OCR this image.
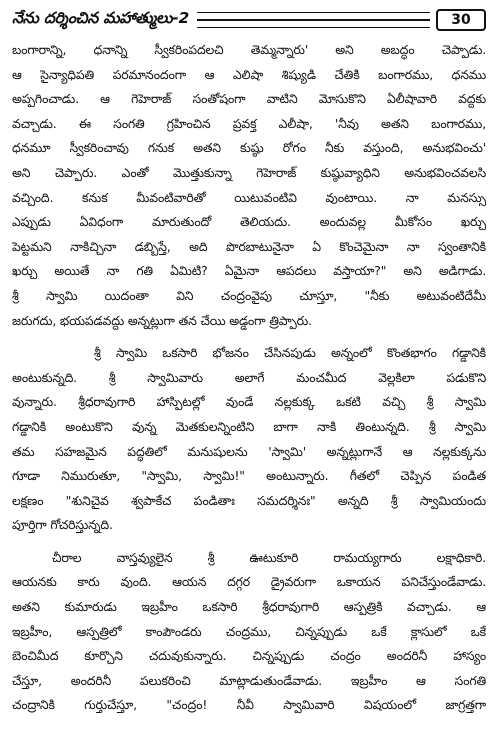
నేను దర్శించిన మహాత్ములు-2	30
బంగారాన్ని, ధనాన్ని స్వీకరింపదలచి తెమ్మన్నారు' అని అబద్ధం చెప్పాడు.
ఆ సైన్యాధిపతి పరమానందంగా ఆ ఎలిషా శిష్యుడి చేతికి బంగారము, ధనము
అప్పగించాడు. ఆ గెహెరాజ్ సంతోషంగా వాటిని మోసుకొని ఏలీషావారి వద్దకు
వచ్చాడు. ఈ సంగతి గ్రహించిన ప్రవక్త ఎలీషా, 'నీవు అతని బంగారము,
ధనమూ స్వీకరించావు గనుక అతని కుష్ఠు రోగం నీకు వస్తుంది, అనుభవించు'
అని చెప్పారు. ఎంతో మొత్తుకున్నా గెహెరాజ్ కుష్ఠువ్యాధిని అనుభవించవలసి
వచ్చింది. కనుక మీవంటివారితో యిటువంటివి వుంటాయి. నా మనస్సు
ఎప్పుడు ఏవిధంగా మారుతుందో తెలియదు. అందువల్ల మీకోసం ఖర్చు
పెట్టమని నాకిచ్చినా డబ్బిస్తే, అది పొరబాటునైనా ఏ కొంచెమైనా నా స్వంతానికి
ఖర్చు అయితే నా గతి ఏమిటి? ఏమైనా ఆపదలు వస్తాయా?" అని అడిగాడు.
శ్రీ స్వామి యిదంతా విని చంద్రంవైపు చూస్తూ, "నీకు అటువంటిదేమీ
జరుగదు, భయపడవద్దు అన్నట్లుగా తన చేయి అడ్డంగా త్రిప్పారు.
శ్రీ స్వామి ఒకసారి భోజనం చేసినపుడు అన్నంలో కొంతభాగం గడ్డానికి
అంటుకున్నది. శ్రీ స్వామివారు అలాగే మంచమీద వెల్లకిలా పడుకొని
వున్నారు. శ్రీధరావుగారి హాస్పిటల్లో వుండే నల్లకుక్క ఒకటి వచ్చి శ్రీ స్వామి
గడ్డానికి అంటుకొని వున్న మెతకులన్నింటిని బాగా నాకి తింటున్నది. శ్రీ స్వామి
తమ సహజమైన పద్ధతిలో మనుషులను 'స్వామి' అన్నట్లుగానే ఆ నల్లకుక్కను
గూడా నిమురుతూ, "స్వామి, స్వామి!" అంటున్నారు. గీతలో చెప్పిన పండిత
లక్షణం "శునిచైవ శ్వపాకేచ పండితాః సమదర్శినః" అన్నది శ్రీ స్వామియందు
పూర్తిగా గోచరిస్తున్నది.
చీరాల వాస్తవ్యులైన శ్రీ ఊటుకూరి రామయ్యగారు లక్షాధికారి.
ఆయనకు కారు వుంది. ఆయన దగ్గర డ్రైవరుగా ఒకాయన పనిచేస్తుండేవాడు.
అతని కుమారుడు ఇబ్రహీం ఒకసారి శ్రీధరావుగారి ఆస్పత్రికి వచ్చాడు. ఆ
ఇబ్రహీం, ఆస్పత్రిలో కాంపౌండరు చంద్రము, చిన్నప్పుడు ఒకే క్లాసులో ఒకే
బెంచిమీద కూర్చొని చదువుకున్నారు. చిన్నప్పుడు చంద్రం అందరినీ హాస్యం
చేస్తూ, అందరినీ పలుకరించి మాట్లాడుతుండేవాడు. ఇబ్రహీం ఆ సంగతి
చంద్రానికి గుర్తుచేస్తూ, "చంద్రం! నీవీ స్వామివారి విషయంలో జాగ్రత్తగా
